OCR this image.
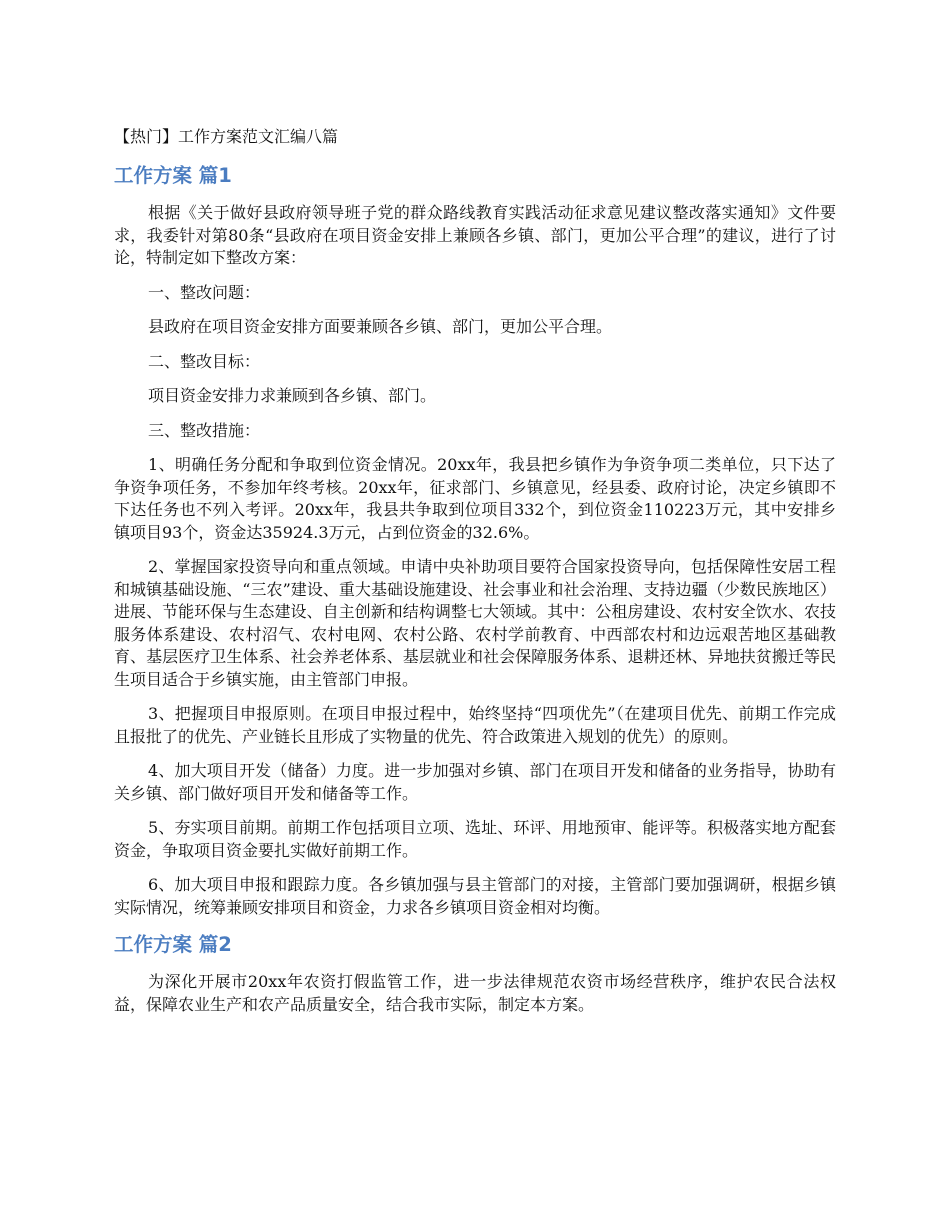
【热门】工作方案范文汇编八篇
工作方案 篇1

根据《关于做好县政府领导班子党的群众路线教育实践活动征求意见建议整改落实通知》文件要求，我委针对第80条“县政府在项目资金安排上兼顾各乡镇、部门，更加公平合理”的建议，进行了讨论，特制定如下整改方案：

一、整改问题：

县政府在项目资金安排方面要兼顾各乡镇、部门，更加公平合理。

二、整改目标：

项目资金安排力求兼顾到各乡镇、部门。

三、整改措施：

1、明确任务分配和争取到位资金情况。20xx年，我县把乡镇作为争资争项二类单位，只下达了争资争项任务，不参加年终考核。20xx年，征求部门、乡镇意见，经县委、政府讨论，决定乡镇即不下达任务也不列入考评。20xx年，我县共争取到位项目332个，到位资金110223万元，其中安排乡镇项目93个，资金达35924.3万元，占到位资金的32.6%。

2、掌握国家投资导向和重点领域。申请中央补助项目要符合国家投资导向，包括保障性安居工程和城镇基础设施、“三农”建设、重大基础设施建设、社会事业和社会治理、支持边疆（少数民族地区）进展、节能环保与生态建设、自主创新和结构调整七大领域。其中：公租房建设、农村安全饮水、农技服务体系建设、农村沼气、农村电网、农村公路、农村学前教育、中西部农村和边远艰苦地区基础教育、基层医疗卫生体系、社会养老体系、基层就业和社会保障服务体系、退耕还林、异地扶贫搬迁等民生项目适合于乡镇实施，由主管部门申报。

3、把握项目申报原则。在项目申报过程中，始终坚持“四项优先”（在建项目优先、前期工作完成且报批了的优先、产业链长且形成了实物量的优先、符合政策进入规划的优先）的原则。

4、加大项目开发（储备）力度。进一步加强对乡镇、部门在项目开发和储备的业务指导，协助有关乡镇、部门做好项目开发和储备等工作。

5、夯实项目前期。前期工作包括项目立项、选址、环评、用地预审、能评等。积极落实地方配套资金，争取项目资金要扎实做好前期工作。

6、加大项目申报和跟踪力度。各乡镇加强与县主管部门的对接，主管部门要加强调研，根据乡镇实际情况，统筹兼顾安排项目和资金，力求各乡镇项目资金相对均衡。

工作方案 篇2

为深化开展市20xx年农资打假监管工作，进一步法律规范农资市场经营秩序，维护农民合法权益，保障农业生产和农产品质量安全，结合我市实际，制定本方案。
